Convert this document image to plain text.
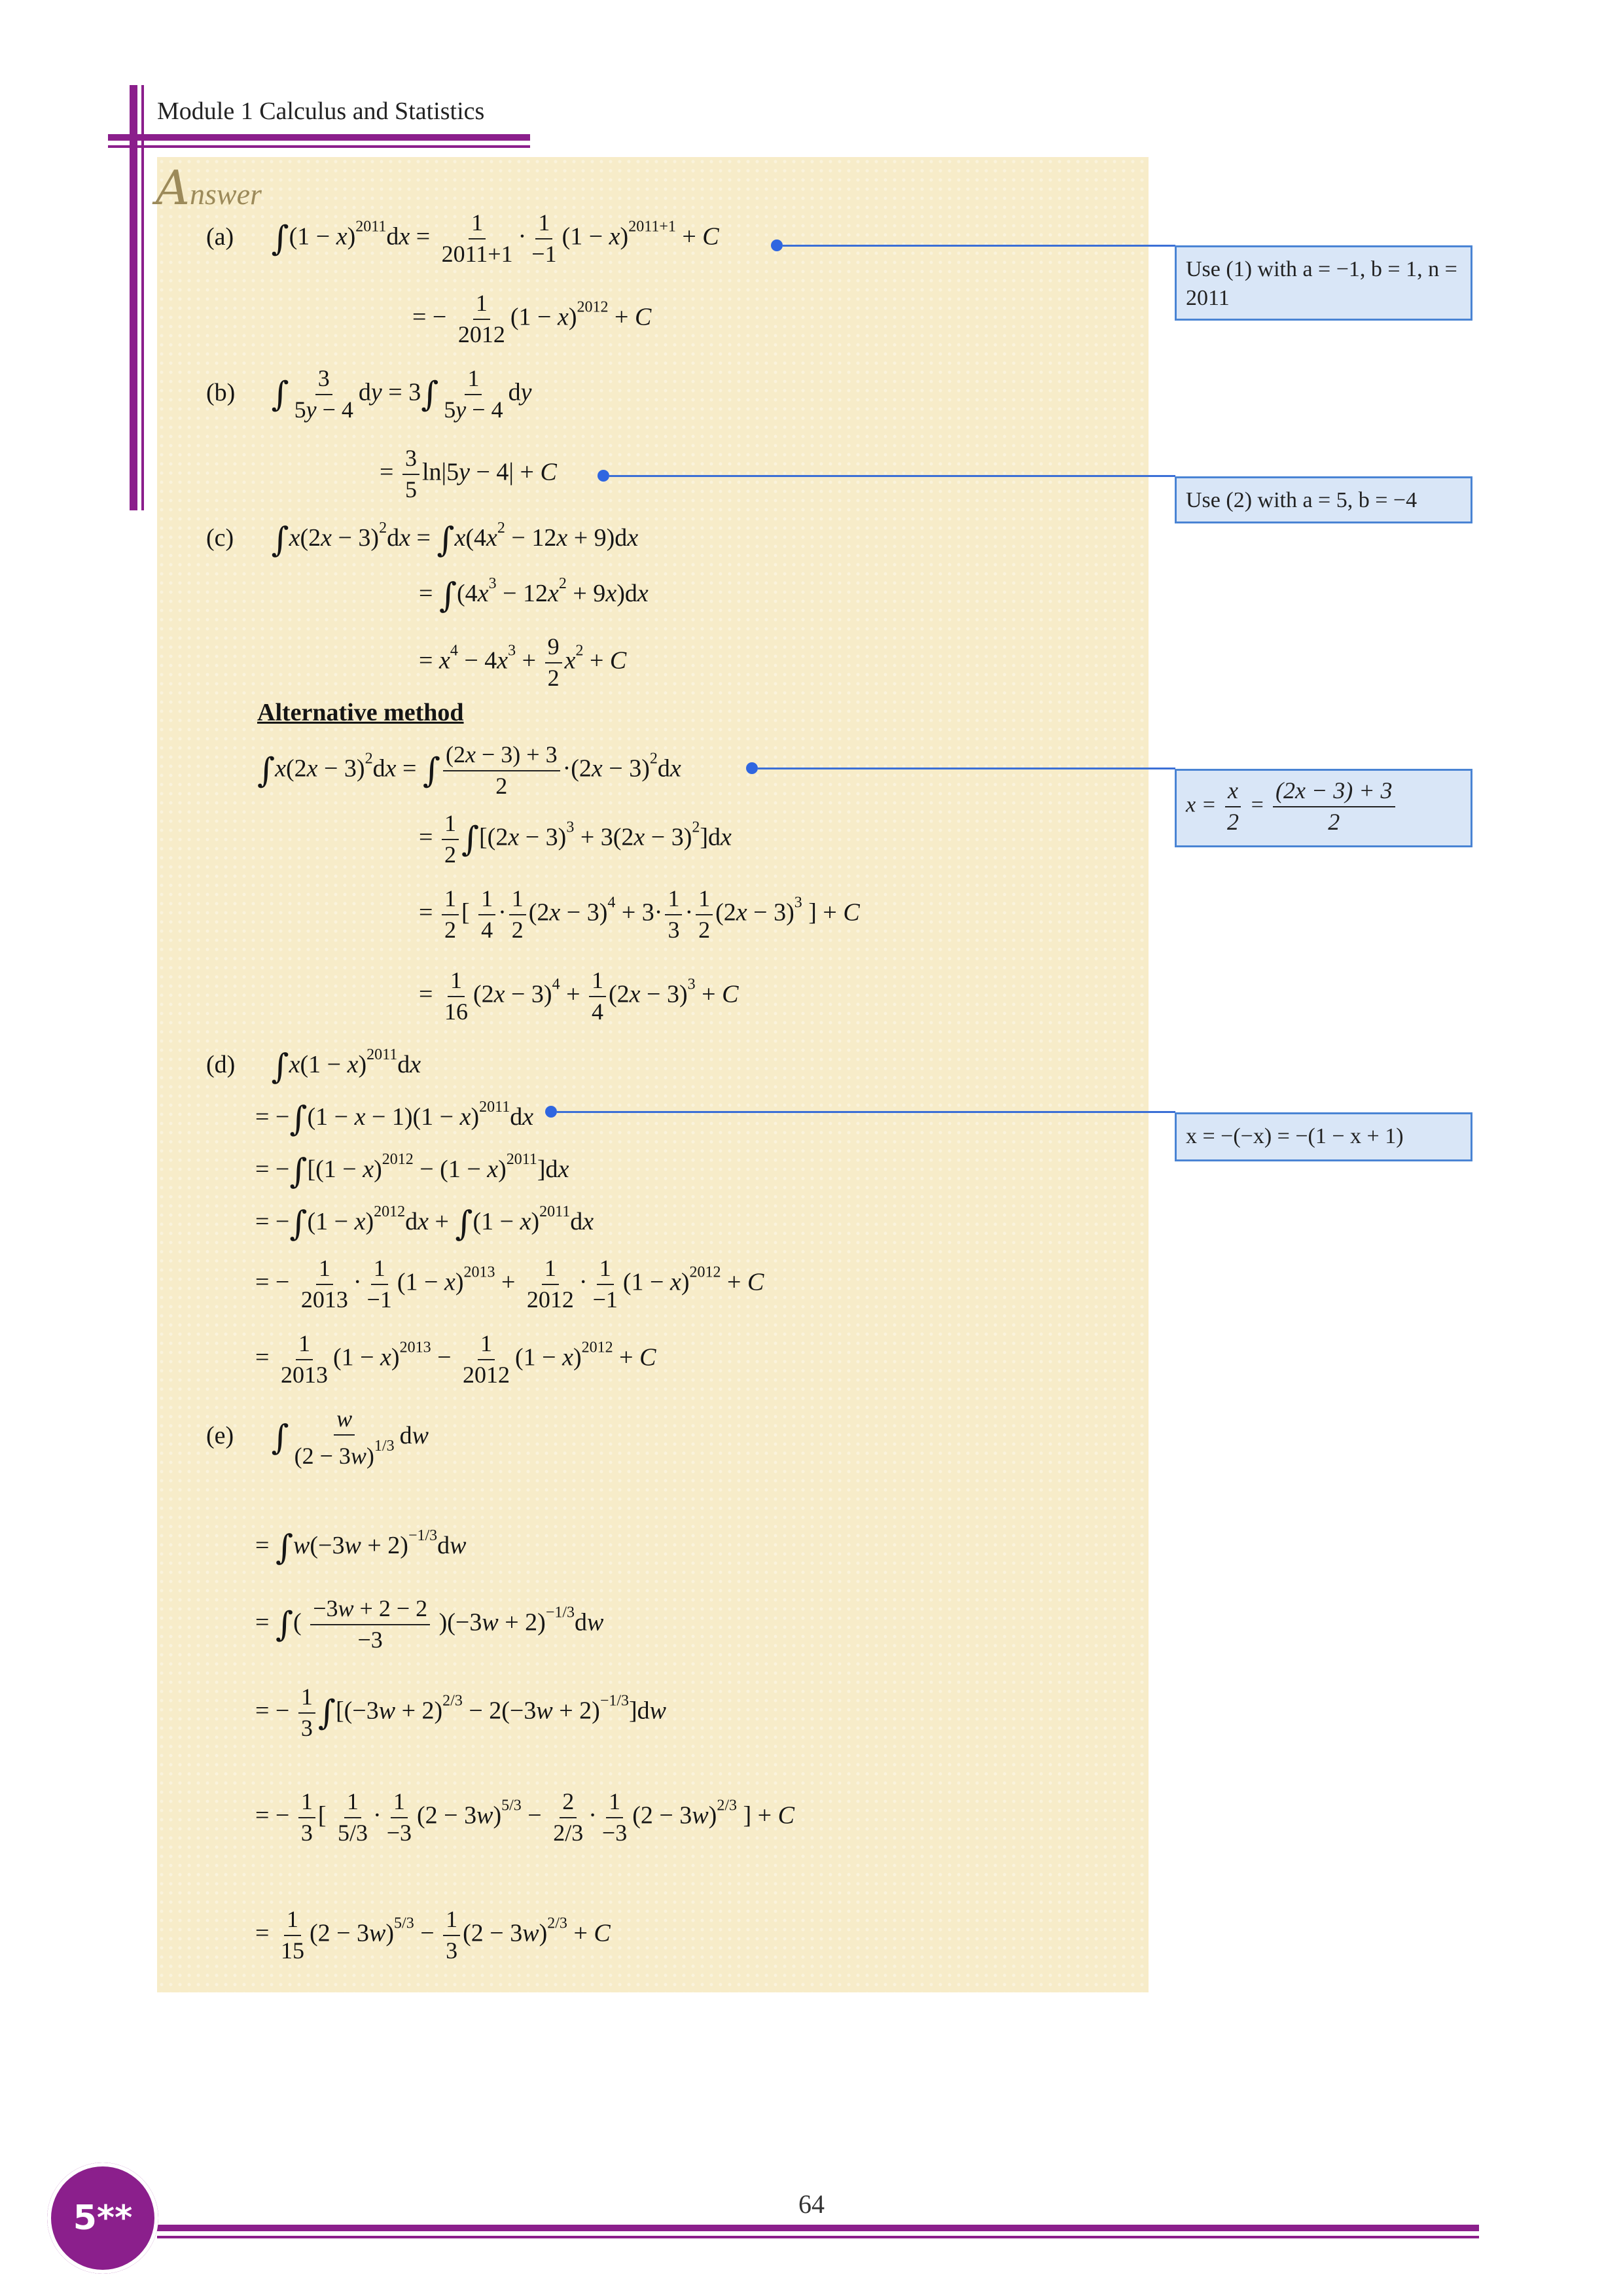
Module 1 Calculus and Statistics
Answer
(a) $\int(1 - x)^{2011}dx = \frac{1}{2011+1} \cdot \frac{1}{-1} (1 - x)^{2011+1} + C$
= − $\frac{1}{2012} (1 - x)^{2012} + C$
(b) ∫ $\frac{3}{5y - 4}$ dy = $3\int \frac{1}{5y - 4}$ dy
= $\frac{3}{5} \ln|5y - 4| + C$
(c) $\int x(2x - 3)^2dx = \int x(4x^2 - 12x + 9)dx$
= $\int(4x^3 - 12x^2 + 9x)dx$
= $x^4 - 4x^3 + \frac{9}{2} x^2 + C$
Alternative method
$\int x(2x - 3)^2dx$ = ∫ $\frac{(2x - 3) + 3}{2} \cdot(2x - 3)^2dx$
= $\frac{1}{2} \int[(2x - 3)^3 + 3(2x - 3)^2]dx$
= $\frac{1}{2}$ [ $\frac{1}{4} \cdot \frac{1}{2} (2x - 3)^4 + 3\cdot \frac{1}{3} \cdot \frac{1}{2} (2x - 3)^3$ ] + C
= $\frac{1}{16} (2x - 3)^4 + \frac{1}{4} (2x - 3)^3 + C$
(d) $\int x(1 - x)^{2011}dx$
= $-\int(1 - x - 1)(1 - x)^{2011}dx$
= $-\int[(1 - x)^{2012} - (1 - x)^{2011}]dx$
= $-\int(1 - x)^{2012}dx + \int(1 - x)^{2011}dx$
= − $\frac{1}{2013} \cdot \frac{1}{-1} (1 - x)^{2013} + \frac{1}{2012} \cdot \frac{1}{-1} (1 - x)^{2012} + C$
= $\frac{1}{2013} (1 - x)^{2013} - \frac{1}{2012} (1 - x)^{2012} + C$
(e) ∫ $\frac{w}{(2 - 3w)^{1/3}}$ dw
= $\int w(-3w + 2)^{-1/3}dw$
= ∫( $\frac{-3w + 2 - 2}{-3} )(-3w + 2)^{-1/3}dw$
= − $\frac{1}{3} \int[(-3w + 2)^{2/3} - 2(-3w + 2)^{-1/3}]dw$
= − $\frac{1}{3}$ [ $\frac{1}{5/3} \cdot \frac{1}{-3} (2 - 3w)^{5/3} - \frac{2}{2/3} \cdot \frac{1}{-3} (2 - 3w)^{2/3}$ ] + C
= $\frac{1}{15} (2 - 3w)^{5/3} - \frac{1}{3} (2 - 3w)^{2/3} + C$
Use (1) with a = −1, b = 1, n = 2011
Use (2) with a = 5, b = −4
$x = \frac{x}{2} = \frac{(2x - 3) + 3}{2}$
x = −(−x) = −(1 − x + 1)
64
5**
